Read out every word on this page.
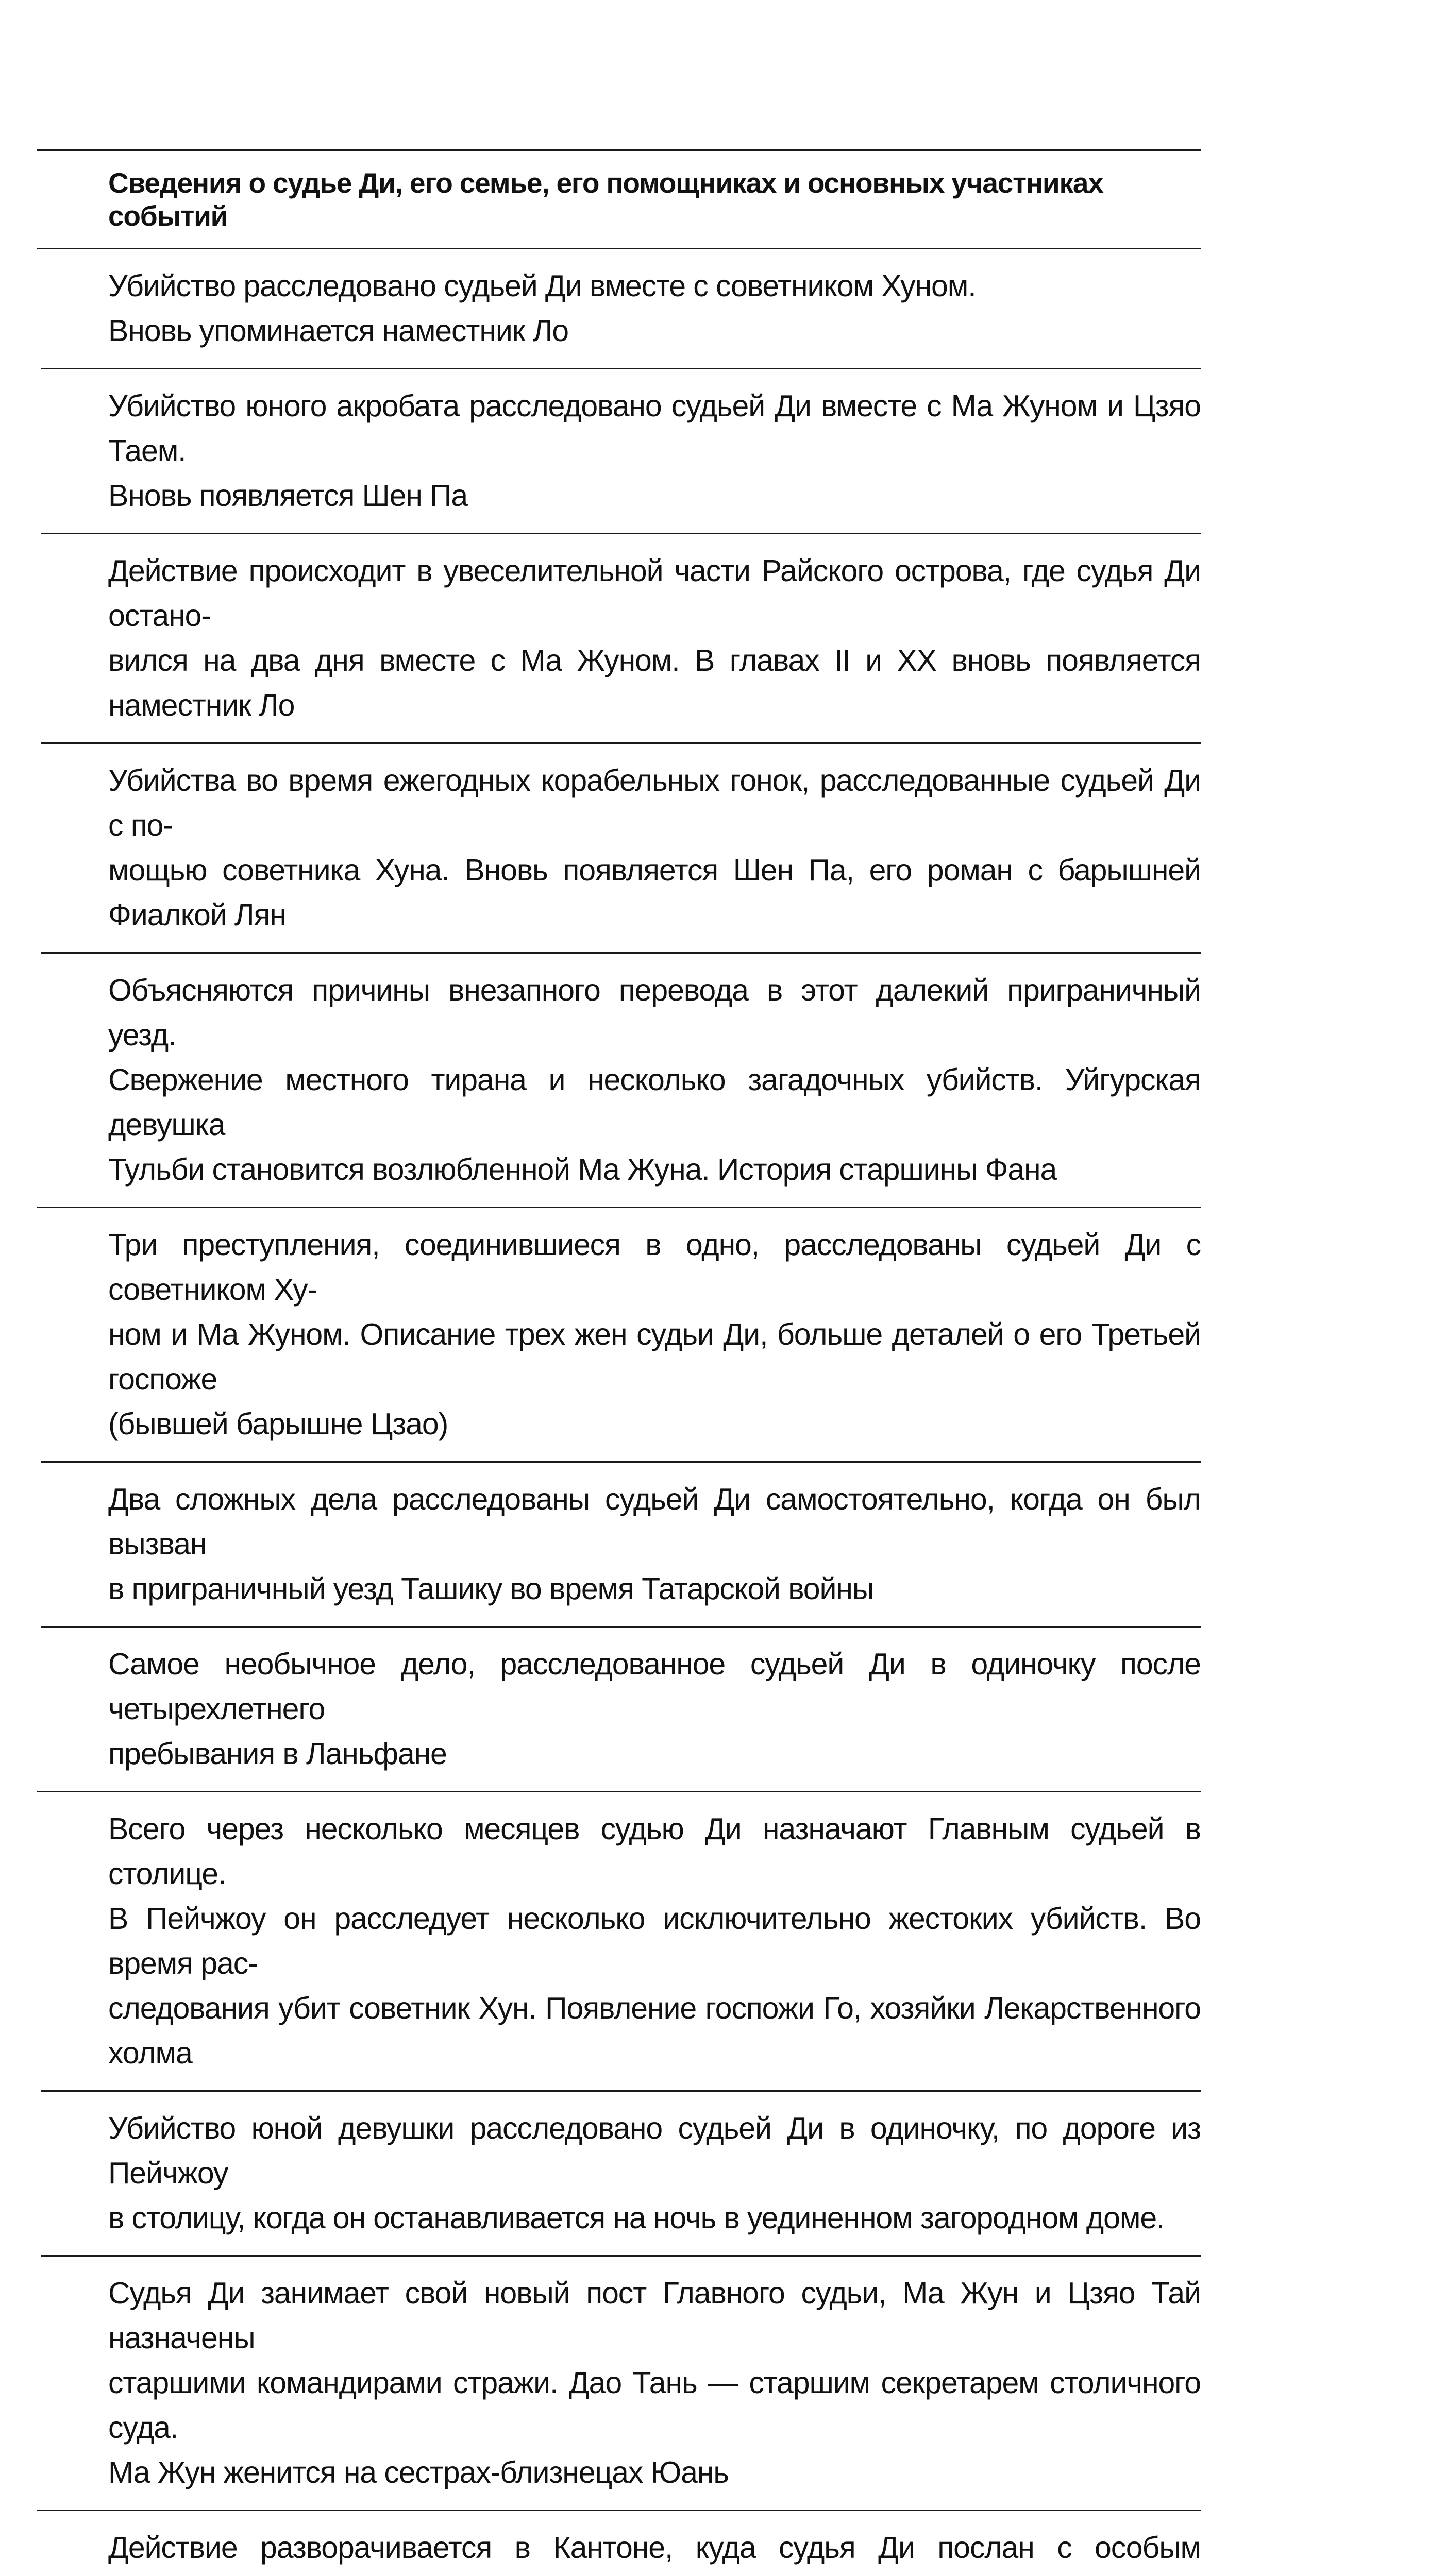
Сведения о судье Ди, его семье, его помощниках и основных участниках событий
Убийство расследовано судьей Ди вместе с советником Хуном.
Вновь упоминается наместник Ло
Убийство юного акробата расследовано судьей Ди вместе с Ма Жуном и Цзяо Таем.
Вновь появляется Шен Па
Действие происходит в увеселительной части Райского острова, где судья Ди остано-
вился на два дня вместе с Ма Жуном. В главах II и XX вновь появляется наместник Ло
Убийства во время ежегодных корабельных гонок, расследованные судьей Ди с по-
мощью советника Хуна. Вновь появляется Шен Па, его роман с барышней Фиалкой Лян
Объясняются причины внезапного перевода в этот далекий приграничный уезд.
Свержение местного тирана и несколько загадочных убийств. Уйгурская девушка
Тульби становится возлюбленной Ма Жуна. История старшины Фана
Три преступления, соединившиеся в одно, расследованы судьей Ди с советником Ху-
ном и Ма Жуном. Описание трех жен судьи Ди, больше деталей о его Третьей госпоже
(бывшей барышне Цзао)
Два сложных дела расследованы судьей Ди самостоятельно, когда он был вызван
в приграничный уезд Ташику во время Татарской войны
Самое необычное дело, расследованное судьей Ди в одиночку после четырехлетнего
пребывания в Ланьфане
Всего через несколько месяцев судью Ди назначают Главным судьей в столице.
В Пейчжоу он расследует несколько исключительно жестоких убийств. Во время рас-
следования убит советник Хун. Появление госпожи Го, хозяйки Лекарственного холма
Убийство юной девушки расследовано судьей Ди в одиночку, по дороге из Пейчжоу
в столицу, когда он останавливается на ночь в уединенном загородном доме.
Судья Ди занимает свой новый пост Главного судьи, Ма Жун и Цзяо Тай назначены
старшими командирами стражи. Дао Тань — старшим секретарем столичного суда.
Ма Жун женится на сестрах-близнецах Юань
Действие разворачивается в Кантоне, куда судья Ди послан с особым
